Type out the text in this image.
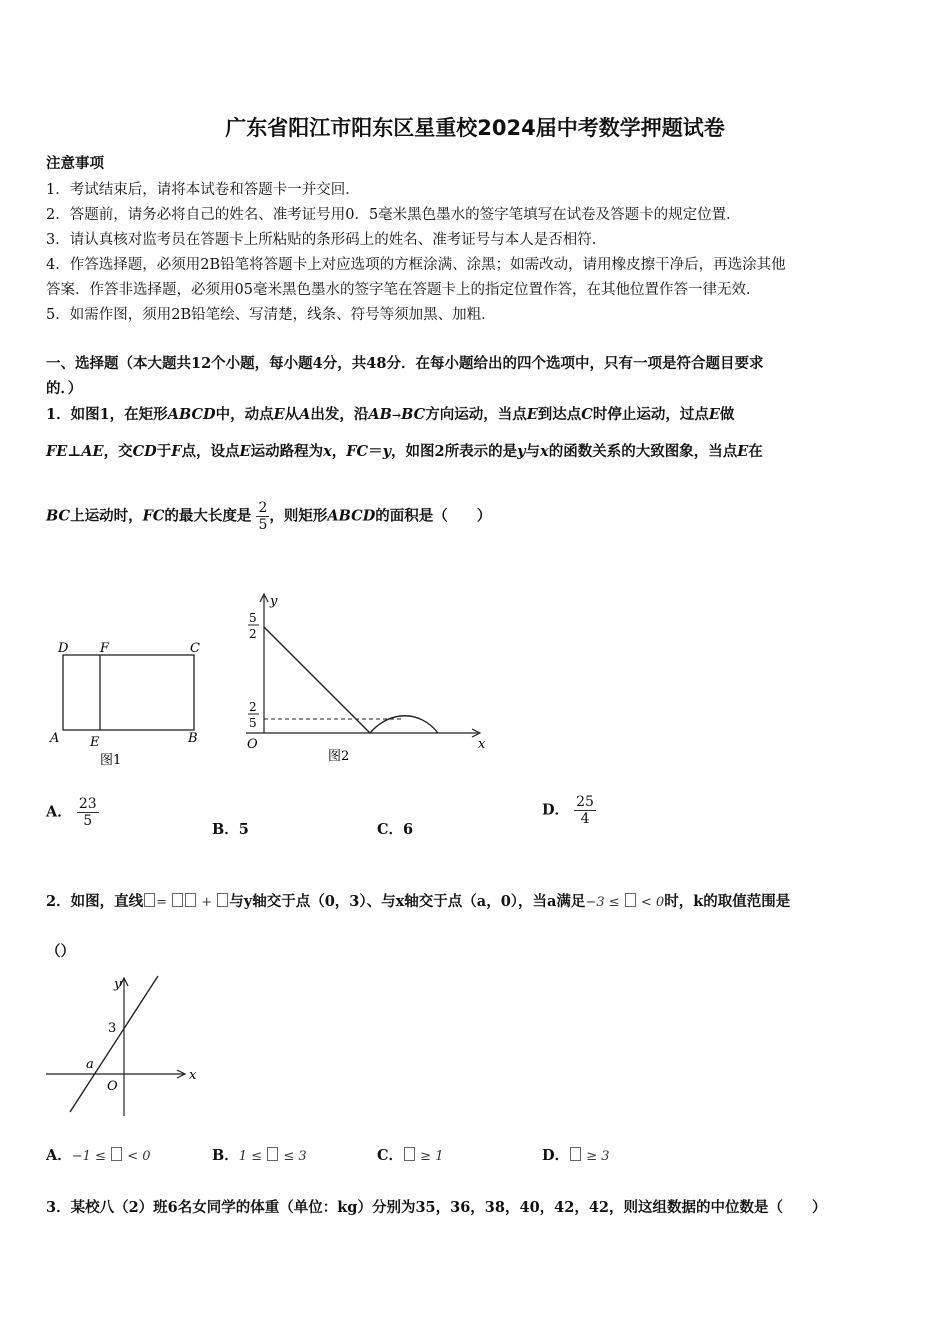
广东省阳江市阳东区星重校2024届中考数学押题试卷
注意事项
1．考试结束后，请将本试卷和答题卡一并交回．
2．答题前，请务必将自己的姓名、准考证号用0．5毫米黑色墨水的签字笔填写在试卷及答题卡的规定位置．
3．请认真核对监考员在答题卡上所粘贴的条形码上的姓名、准考证号与本人是否相符．
4．作答选择题，必须用2B铅笔将答题卡上对应选项的方框涂满、涂黑；如需改动，请用橡皮擦干净后，再选涂其他
答案．作答非选择题，必须用05毫米黑色墨水的签字笔在答题卡上的指定位置作答，在其他位置作答一律无效．
5．如需作图，须用2B铅笔绘、写清楚，线条、符号等须加黑、加粗．
一、选择题（本大题共12个小题，每小题4分，共48分．在每小题给出的四个选项中，只有一项是符合题目要求
的．）
1．如图1，在矩形ABCD中，动点E从A出发，沿AB→BC方向运动，当点E到达点C时停止运动，过点E做
FE⊥AE，交CD于F点，设点E运动路程为x，FC＝y，如图2所表示的是y与x的函数关系的大致图象，当点E在
BC上运动时，FC的最大长度是 $\frac{2}{5}$ ，则矩形ABCD的面积是（　　）
D F	C
A E	B
图1
y
x
O
5
2
2
5
图2
A． $\frac{23}{5}$
B．5	C．6
D． $\frac{25}{4}$
2．如图，直线 =  + 与y轴交于点（0，3）、与x轴交于点（a，0），当a满足−3 ≤  < 0时，k的取值范围是
（）
y
x
O
3
a
A．−1 ≤  < 0	B．1 ≤  ≤ 3	C． ≥ 1	D． ≥ 3
3．某校八（2）班6名女同学的体重（单位：kg）分别为35，36，38，40，42，42，则这组数据的中位数是（　　）
